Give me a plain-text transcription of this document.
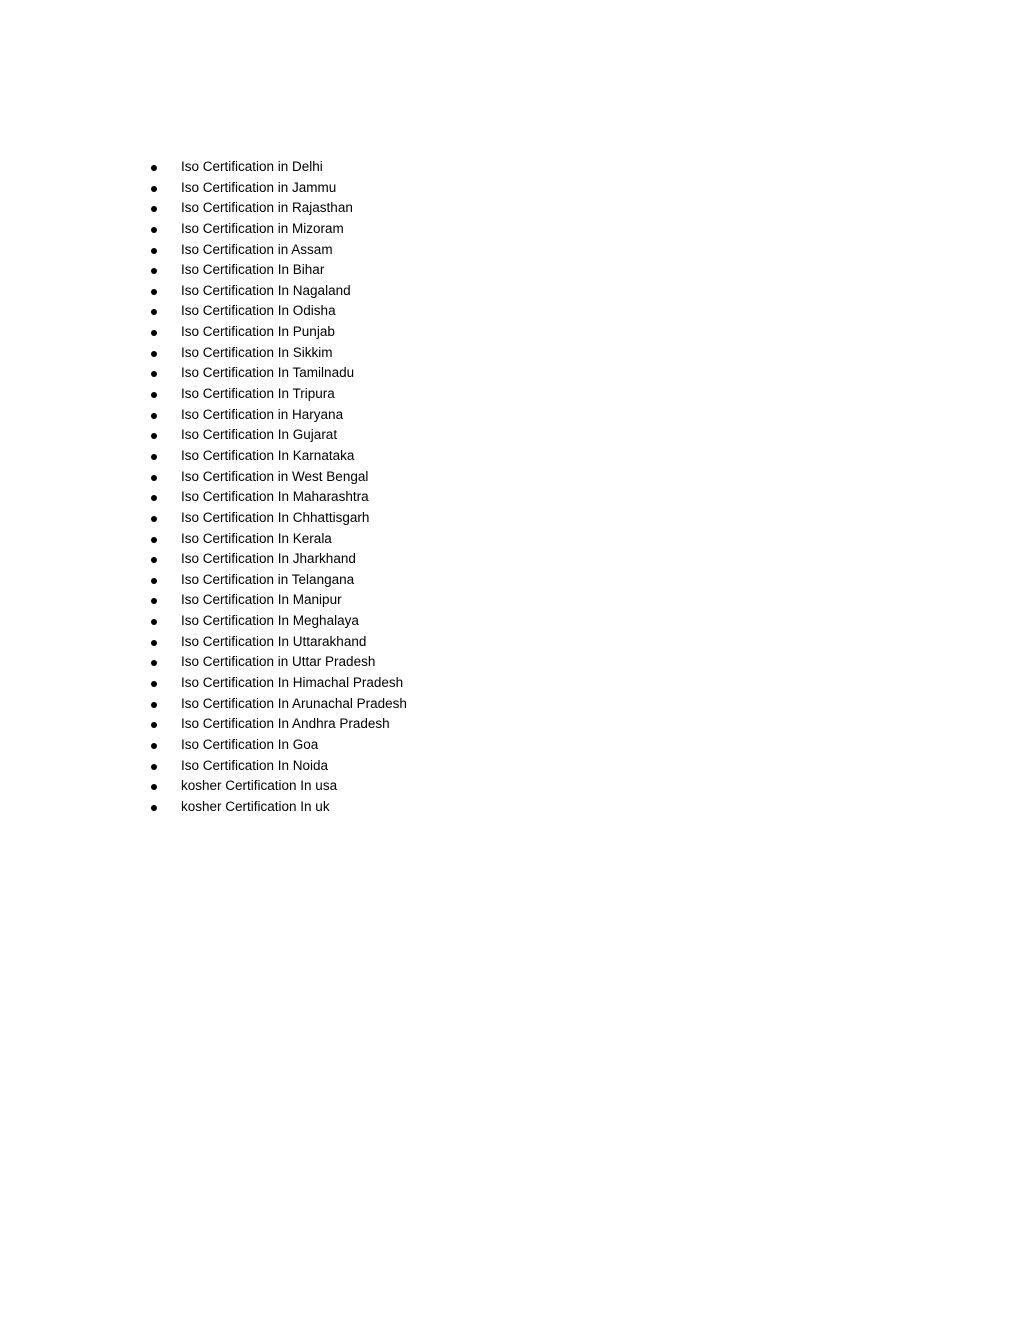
Iso Certification in Delhi
Iso Certification in Jammu
Iso Certification in Rajasthan
Iso Certification in Mizoram
Iso Certification in Assam
Iso Certification In Bihar
Iso Certification In Nagaland
Iso Certification In Odisha
Iso Certification In Punjab
Iso Certification In Sikkim
Iso Certification In Tamilnadu
Iso Certification In Tripura
Iso Certification in Haryana
Iso Certification In Gujarat
Iso Certification In Karnataka
Iso Certification in West Bengal
Iso Certification In Maharashtra
Iso Certification In Chhattisgarh
Iso Certification In Kerala
Iso Certification In Jharkhand
Iso Certification in Telangana
Iso Certification In Manipur
Iso Certification In Meghalaya
Iso Certification In Uttarakhand
Iso Certification in Uttar Pradesh
Iso Certification In Himachal Pradesh
Iso Certification In Arunachal Pradesh
Iso Certification In Andhra Pradesh
Iso Certification In Goa
Iso Certification In Noida
kosher Certification In usa
kosher Certification In uk
